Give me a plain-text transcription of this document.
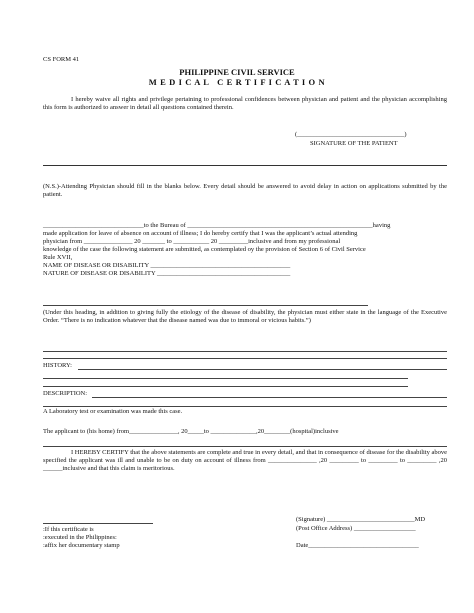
CS FORM 41
PHILIPPINE CIVIL SERVICE
M E D I C A L   C E R T I F I C A T I O N
I hereby waive all rights and privilege pertaining to professional confidences between physician and patient and the physician accomplishing this form is authorized to answer in detail all questions contained therein.
(_________________________________)
SIGNATURE OF THE PATIENT
(N.S.)-Attending Physician should fill in the blanks below. Every detail should be answered to avoid delay in action on applications submitted by the patient.
_______________________________to the Bureau of _________________________________________________________having
made application for leave of absence on account of illness; I do hereby certify that I was the applicant’s actual attending
physician from _______________ 20 _______ to ___________ 20 _________inclusive and from my professional
knowledge of the case the following statement are submitted, as contemplated oy the provision of Section 6 of Civil Service
Rule XVII,
NAME OF DISEASE OR DISABILITY ___________________________________________
NATURE OF DISEASE OR DISABILITY _________________________________________
(Under this heading, in addition to giving fully the etiology of the disease of disability, the physician must either state in the language of the Executive Order. “There is no indication whatever that the disease named was due to immoral or vicious habits.”)
HISTORY:
DESCRIPTION:
A Laboratory test or examination was made this case.
The applicant to (his home) from_______________, 20_____to ______________,20________(hospital)inclusive
I HEREBY CERTIFY that the above statements are complete and true in every detail, and that in consequence of disease for the disability above specified the applicant was ill and unable to be on duty on account of illness from _______________ ,20 _________ to _________ to _________ ,20 ______inclusive and that this claim is meritorious.
:If this certificate is
:executed in the Philippines:
:affix her documentary stamp
(Signature) ___________________________MD
(Post Office Address) ___________________
Date__________________________________
